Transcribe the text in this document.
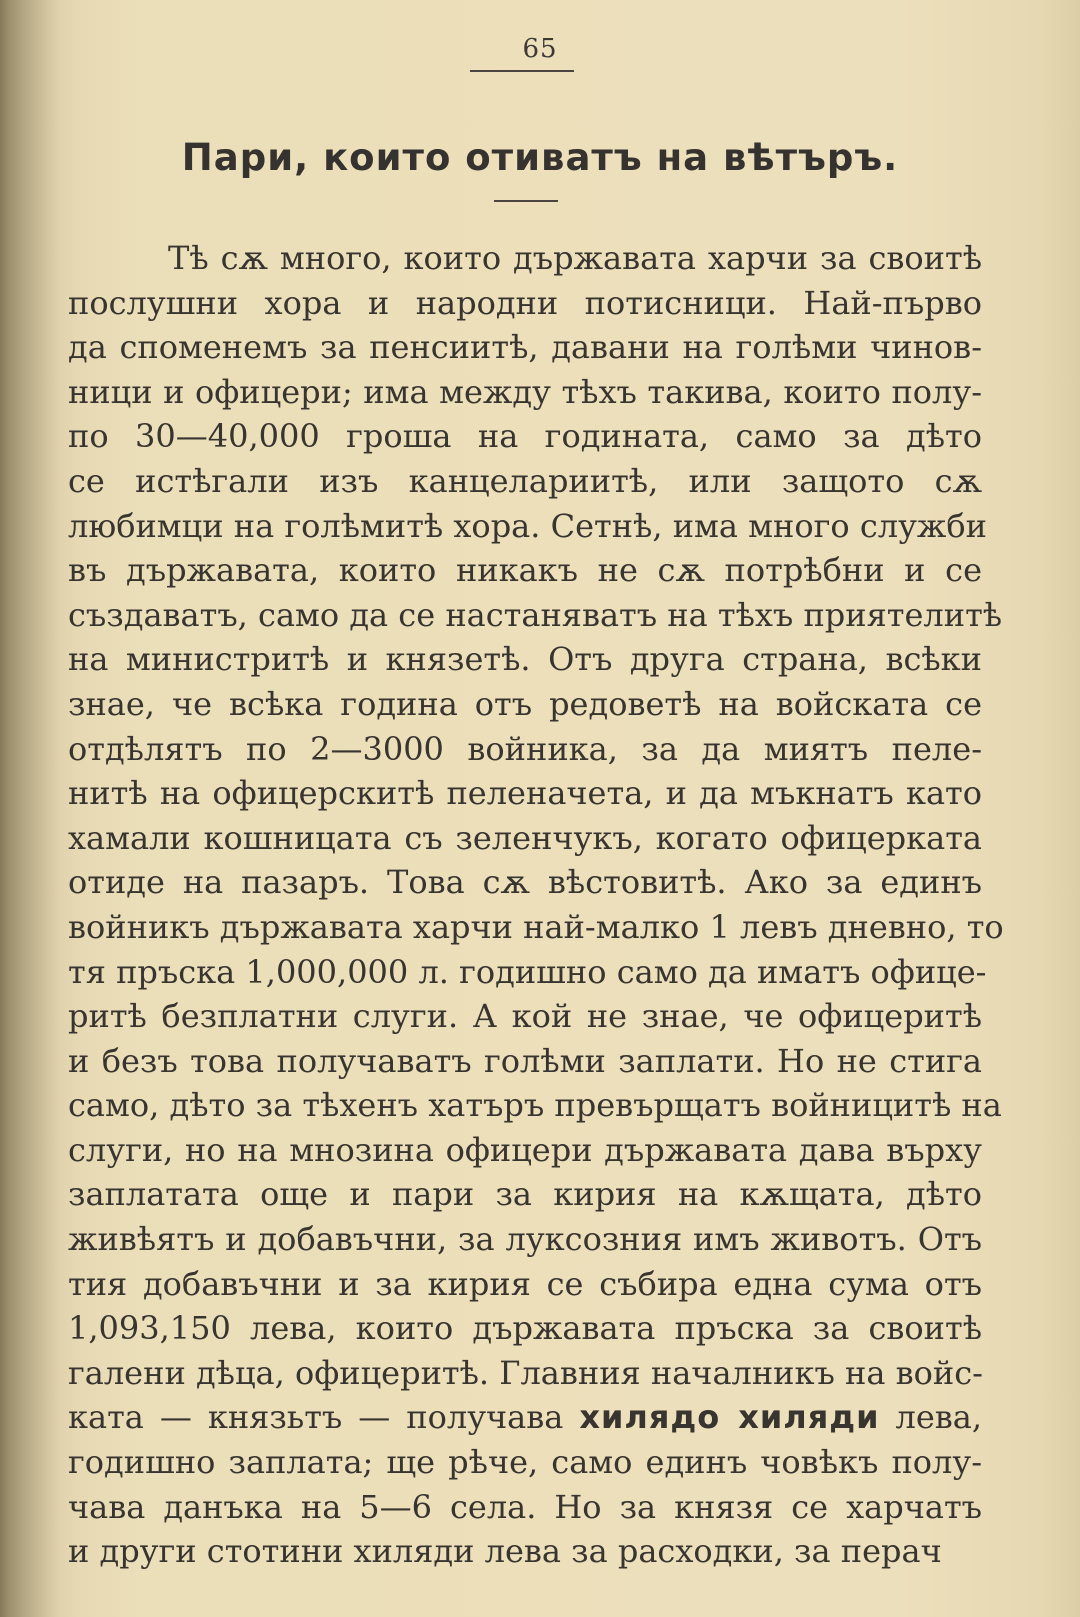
65
Пари, които отиватъ на вѣтъръ.
Тѣ сѫ много, които държавата харчи за своитѣ
послушни хора и народни потисници. Най-първо
да споменемъ за пенсиитѣ, давани на голѣми чинов-
ници и офицери; има между тѣхъ такива, които полу-
по 30—40,000 гроша на годината, само за дѣто
се истѣгали изъ канцелариитѣ, или защото сѫ
любимци на голѣмитѣ хора. Сетнѣ, има много служби
въ държавата, които никакъ не сѫ потрѣбни и се
създаватъ, само да се настаняватъ на тѣхъ приятелитѣ
на министритѣ и князетѣ. Отъ друга страна, всѣки
знае, че всѣка година отъ редоветѣ на войската се
отдѣлятъ по 2—3000 войника, за да миятъ пеле-
нитѣ на офицерскитѣ пеленачета, и да мъкнатъ като
хамали кошницата съ зеленчукъ, когато офицерката
отиде на пазаръ. Това сѫ вѣстовитѣ. Ако за единъ
войникъ държавата харчи най-малко 1 левъ дневно, то
тя пръска 1,000,000 л. годишно само да иматъ офице-
ритѣ безплатни слуги. А кой не знае, че офицеритѣ
и безъ това получаватъ голѣми заплати. Но не стига
само, дѣто за тѣхенъ хатъръ превърщатъ войницитѣ на
слуги, но на мнозина офицери държавата дава върху
заплатата още и пари за кирия на кѫщата, дѣто
живѣятъ и добавъчни, за луксозния имъ животъ. Отъ
тия добавъчни и за кирия се събира една сума отъ
1,093,150 лева, които държавата пръска за своитѣ
галени дѣца, офицеритѣ. Главния началникъ на войс-
ката — князьтъ — получава хилядо хиляди лева,
годишно заплата; ще рѣче, само единъ човѣкъ полу-
чава данъка на 5—6 села. Но за князя се харчатъ
и други стотини хиляди лева за расходки, за перач
